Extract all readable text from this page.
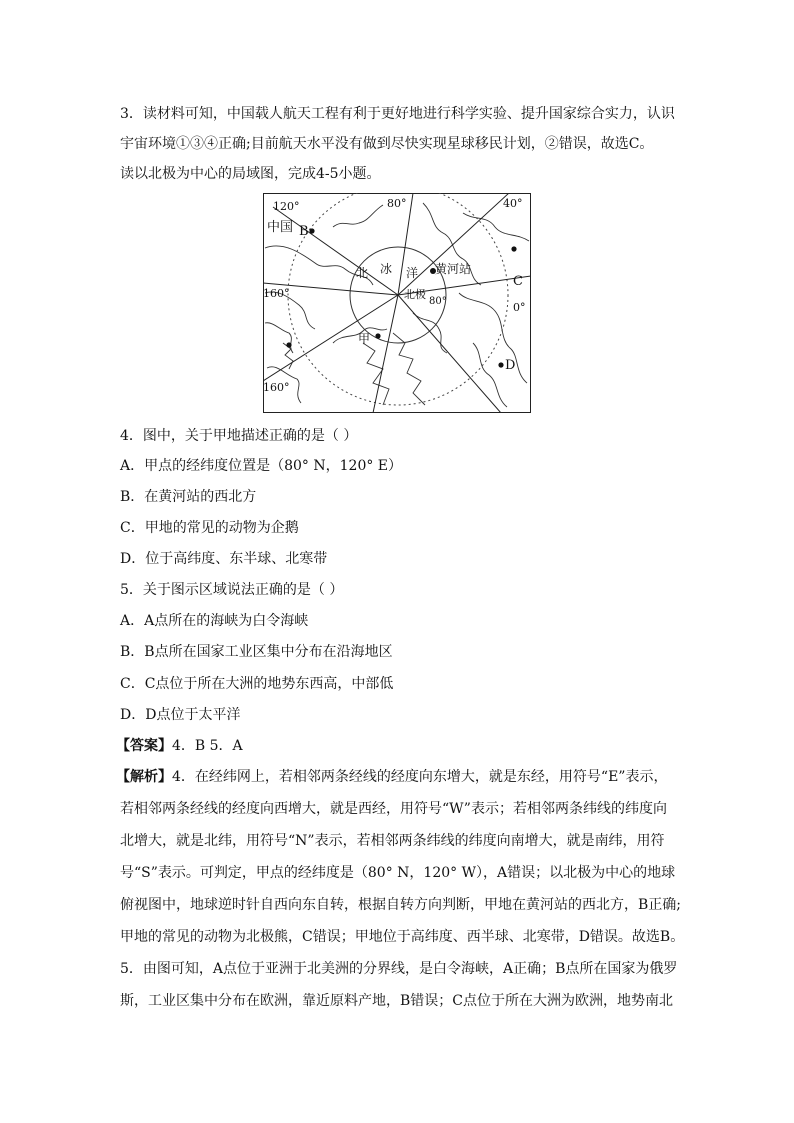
3．读材料可知，中国载人航天工程有利于更好地进行科学实验、提升国家综合实力，认识
宇宙环境①③④正确;目前航天水平没有做到尽快实现星球移民计划，②错误，故选C。
读以北极为中心的局域图，完成4-5小题。
120°
中国 B
80°	40°
北 冰 洋 黄河站
C
160°	北极
0°
80°
甲
D
160°
4．图中，关于甲地描述正确的是（ ）
A．甲点的经纬度位置是（80° N，120° E）
B．在黄河站的西北方
C．甲地的常见的动物为企鹅
D．位于高纬度、东半球、北寒带
5．关于图示区域说法正确的是（ ）
A．A点所在的海峡为白令海峡
B．B点所在国家工业区集中分布在沿海地区
C．C点位于所在大洲的地势东西高，中部低
D．D点位于太平洋
【答案】4．B 5．A
【解析】4．在经纬网上，若相邻两条经线的经度向东增大，就是东经，用符号“E”表示，
若相邻两条经线的经度向西增大，就是西经，用符号“W”表示；若相邻两条纬线的纬度向
北增大，就是北纬，用符号“N”表示，若相邻两条纬线的纬度向南增大，就是南纬，用符
号“S”表示。可判定，甲点的经纬度是（80° N，120° W），A错误；以北极为中心的地球
俯视图中，地球逆时针自西向东自转，根据自转方向判断，甲地在黄河站的西北方，B正确;
甲地的常见的动物为北极熊，C错误；甲地位于高纬度、西半球、北寒带，D错误。故选B。
5．由图可知，A点位于亚洲于北美洲的分界线，是白令海峡，A正确；B点所在国家为俄罗
斯，工业区集中分布在欧洲，靠近原料产地，B错误；C点位于所在大洲为欧洲，地势南北
